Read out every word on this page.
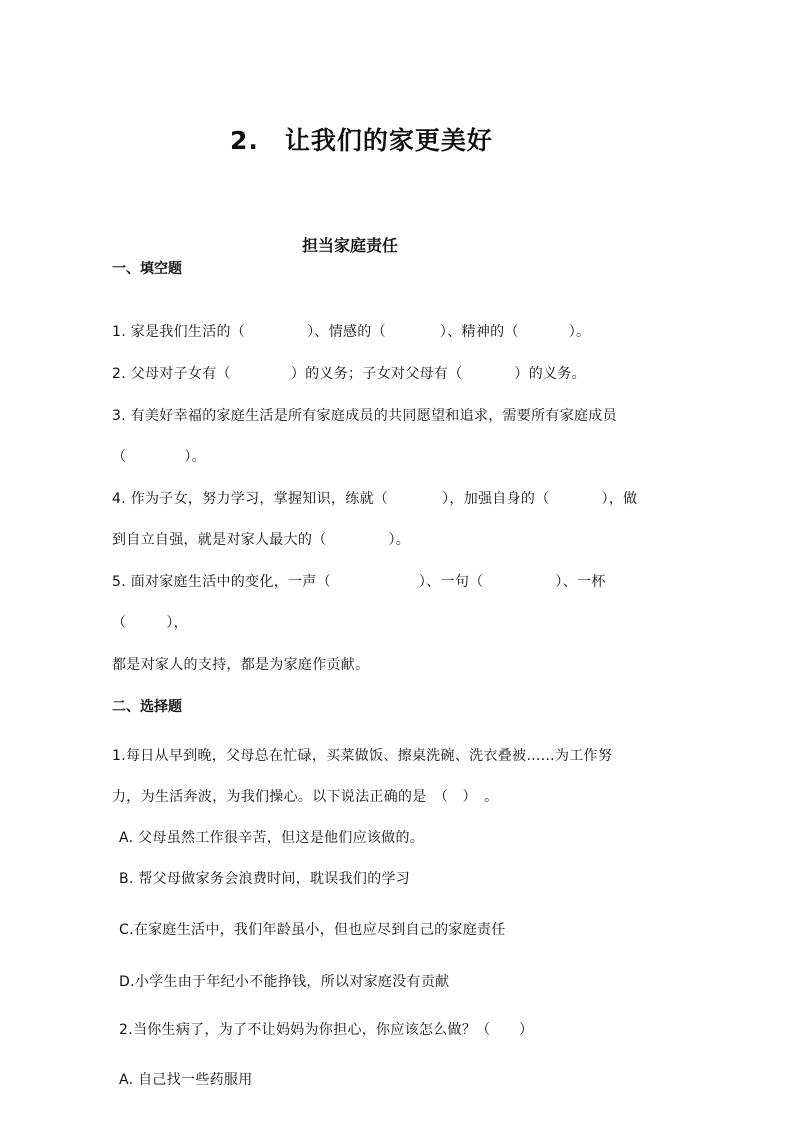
2.　让我们的家更美好
担当家庭责任
一、填空题
1. 家是我们生活的（	）、情感的（	）、精神的（	）。
2. 父母对子女有（	）的义务；子女对父母有（	）的义务。
3. 有美好幸福的家庭生活是所有家庭成员的共同愿望和追求，需要所有家庭成员
（	）。
4. 作为子女，努力学习，掌握知识，练就（	），加强自身的（	），做
到自立自强，就是对家人最大的（	）。
5. 面对家庭生活中的变化，一声（	）、一句（	）、一杯
（	），
都是对家人的支持，都是为家庭作贡献。
二、选择题
1.每日从早到晚，父母总在忙碌，买菜做饭、擦桌洗碗、洗衣叠被……为工作努
力，为生活奔波，为我们操心。以下说法正确的是　（　）　。
A. 父母虽然工作很辛苦，但这是他们应该做的。
B. 帮父母做家务会浪费时间，耽误我们的学习
C.在家庭生活中，我们年龄虽小，但也应尽到自己的家庭责任
D.小学生由于年纪小不能挣钱，所以对家庭没有贡献
2.当你生病了，为了不让妈妈为你担心，你应该怎么做？（　　）
A. 自己找一些药服用
